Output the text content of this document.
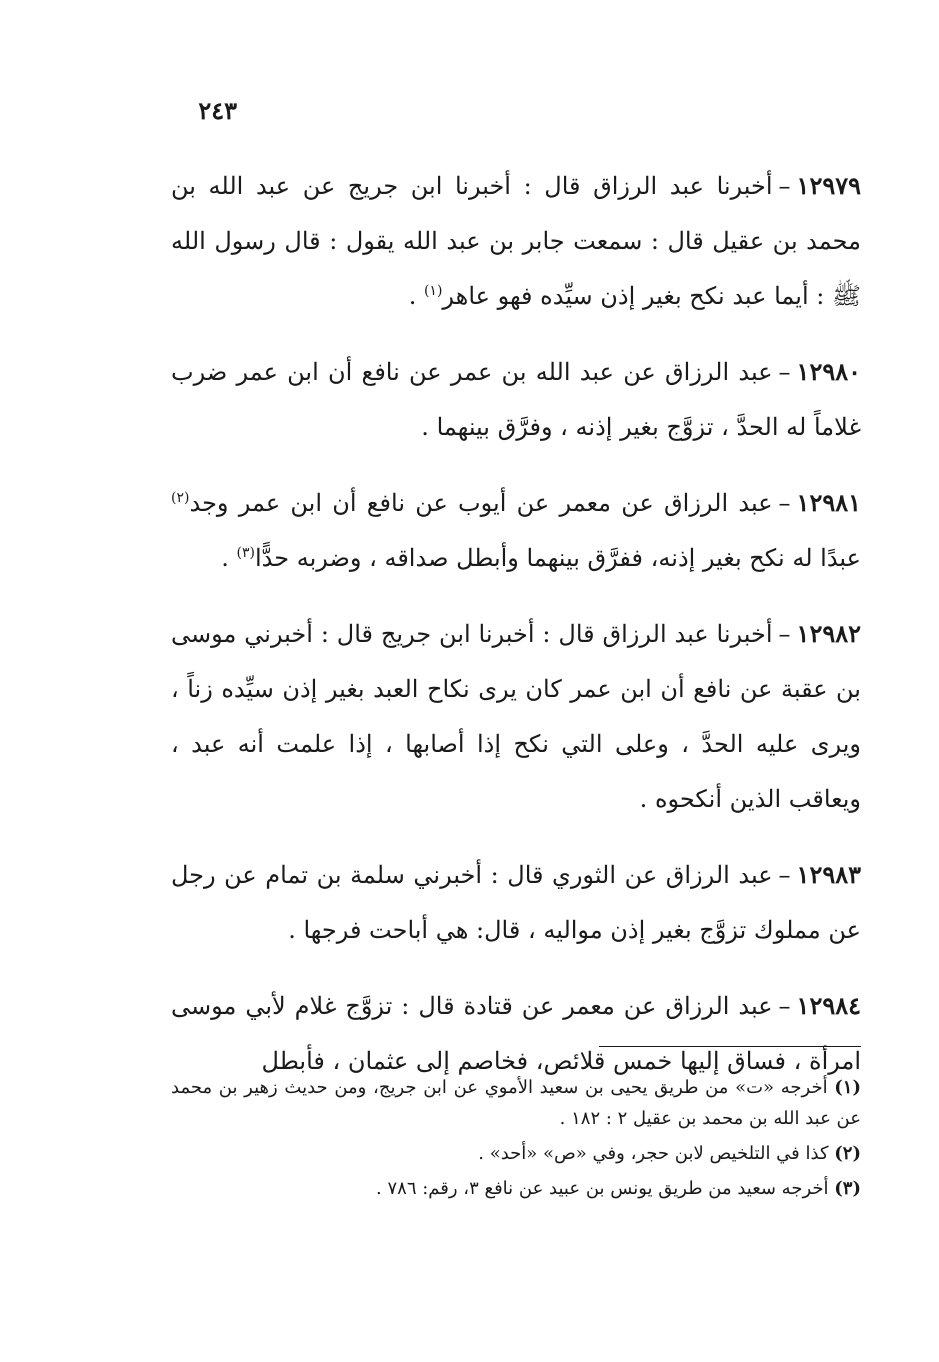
٢٤٣

١٢٩٧٩–أخبرنا عبد الرزاق قال : أخبرنا ابن جريج عن عبد الله بن محمد بن عقيل قال : سمعت جابر بن عبد الله يقول : قال رسول الله ﷺ : أيما عبد نكح بغير إذن سيِّده فهو عاهر$^{(١)}$ .

١٢٩٨٠–عبد الرزاق عن عبد الله بن عمر عن نافع أن ابن عمر ضرب غلاماً له الحدَّ ، تزوَّج بغير إذنه ، وفرَّق بينهما .

١٢٩٨١–عبد الرزاق عن معمر عن أيوب عن نافع أن ابن عمر وجد$^{(٢)}$ عبدًا له نكح بغير إذنه، ففرَّق بينهما وأبطل صداقه ، وضربه حدًّا$^{(٣)}$ .

١٢٩٨٢–أخبرنا عبد الرزاق قال : أخبرنا ابن جريج قال : أخبرني موسى بن عقبة عن نافع أن ابن عمر كان يرى نكاح العبد بغير إذن سيِّده زناً ، ويرى عليه الحدَّ ، وعلى التي نكح إذا أصابها ، إذا علمت أنه عبد ، ويعاقب الذين أنكحوه .

١٢٩٨٣–عبد الرزاق عن الثوري قال : أخبرني سلمة بن تمام عن رجل عن مملوك تزوَّج بغير إذن مواليه ، قال: هي أباحت فرجها .

١٢٩٨٤–عبد الرزاق عن معمر عن قتادة قال : تزوَّج غلام لأبي موسى امرأة ، فساق إليها خمس قلائص، فخاصم إلى عثمان ، فأبطل

(١) أخرجه «ت» من طريق يحيى بن سعيد الأموي عن ابن جريج، ومن حديث زهير بن محمد عن عبد الله بن محمد بن عقيل ٢ : ١٨٢ .

(٢) كذا في التلخيص لابن حجر، وفي «ص» «أحد» .

(٣) أخرجه سعيد من طريق يونس بن عبيد عن نافع ٣، رقم: ٧٨٦ .
